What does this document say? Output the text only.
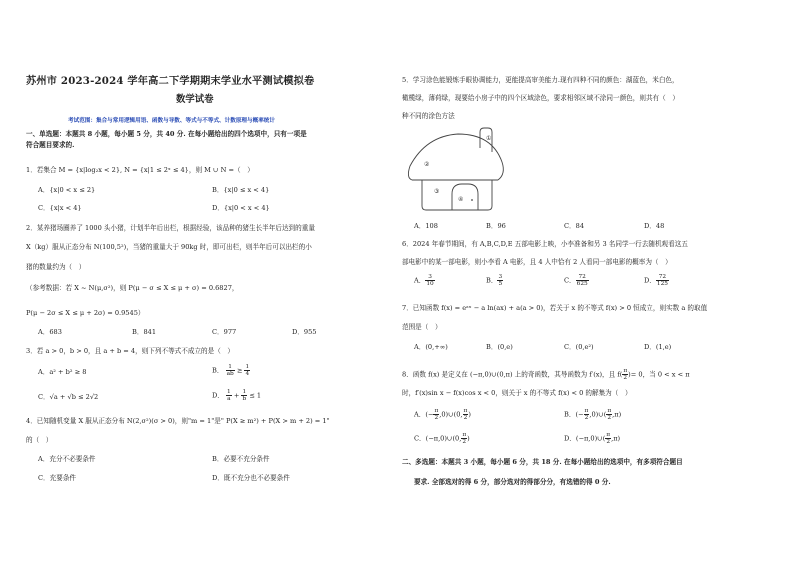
苏州市 2023-2024 学年高二下学期期末学业水平测试模拟卷
数学试卷
考试范围：集合与常用逻辑用语、函数与导数、等式与不等式、计数原理与概率统计
一、单选题：本题共 8 小题，每小题 5 分，共 40 分. 在每小题给出的四个选项中，只有一项是
符合题目要求的.
1．若集合 M = {x|log₂x < 2}, N = {x|1 ≤ 2ˣ ≤ 4}，则 M ∪ N =（　）
A．{x|0 < x ≤ 2}	B．{x|0 ≤ x < 4}
C．{x|x < 4}	D．{x|0 < x < 4}
2．某养猪场圈养了 1000 头小猪，计划半年后出栏，根据经验，该品种的猪生长半年后达到的重量
X（kg）服从正态分布 N(100,5²)，当猪的重量大于 90kg 时，即可出栏，则半年后可以出栏的小
猪的数量约为（　）
（参考数据：若 X ~ N(μ,σ²)，则 P(μ − σ ≤ X ≤ μ + σ) = 0.6827，
P(μ − 2σ ≤ X ≤ μ + 2σ) = 0.9545）
A．683	B．841	C．977	D．955
3．若 a > 0，b > 0，且 a + b = 4，则下列不等式不成立的是（　）
A．a² + b² ≥ 8	B． $\frac{1}{ab} \ge \frac{1}{4}$
C．√a + √b ≤ 2√2	D． $\frac{1}{a} + \frac{1}{b} \le 1$
4．已知随机变量 X 服从正态分布 N(2,σ²)(σ > 0)，则"m = 1"是" P(X ≥ m²) + P(X > m + 2) = 1"
的（　）
A．充分不必要条件	B．必要不充分条件
C．充要条件	D．既不充分也不必要条件
5．学习涂色能锻炼手眼协调能力，更能提高审美能力.现有四种不同的颜色：湖蓝色，米白色，
橄榄绿，薄荷绿，现要给小房子中的四个区域涂色，要求相邻区域不涂同一颜色，则共有（　）
种不同的涂色方法
①
②
③
④
A．108	B．96	C．84	D．48
6．2024 年春节期间，有 A,B,C,D,E 五部电影上映，小李准备和另 3 名同学一行去随机观看这五
部电影中的某一部电影，则小李看 A 电影，且 4 人中恰有 2 人看同一部电影的概率为（　）
A． $\frac{3}{10}$	B． $\frac{3}{5}$	C． $\frac{72}{625}$	D． $\frac{72}{125}$
7．已知函数 f(x) = eᵃˣ − a ln(ax) + a(a > 0)，若关于 x 的不等式 f(x) > 0 恒成立，则实数 a 的取值
范围是（　）
A．(0,+∞)	B．(0,e)	C．(0,e²)	D．(1,e)
8．函数 f(x) 是定义在 (−π,0)∪(0,π) 上的奇函数，其导函数为 f′(x)，且 $f( \frac{\pi}{2}$ )= 0，当 0 < x < π
时，f′(x)sin x − f(x)cos x < 0，则关于 x 的不等式 f(x) < 0 的解集为（　）
A．(− $\frac{\pi}{2}$ ,0)∪(0, $\frac{\pi}{2}$ )	B．(− $\frac{\pi}{2}$ ,0)∪( $\frac{\pi}{2} ,\pi$)
C．(−π,0)∪(0, $\frac{\pi}{2}$ )	D．(−π,0)∪( $\frac{\pi}{2} ,\pi$)
二、多选题：本题共 3 小题，每小题 6 分，共 18 分. 在每小题给出的选项中，有多项符合题目
要求. 全部选对的得 6 分，部分选对的得部分分，有选错的得 0 分.
